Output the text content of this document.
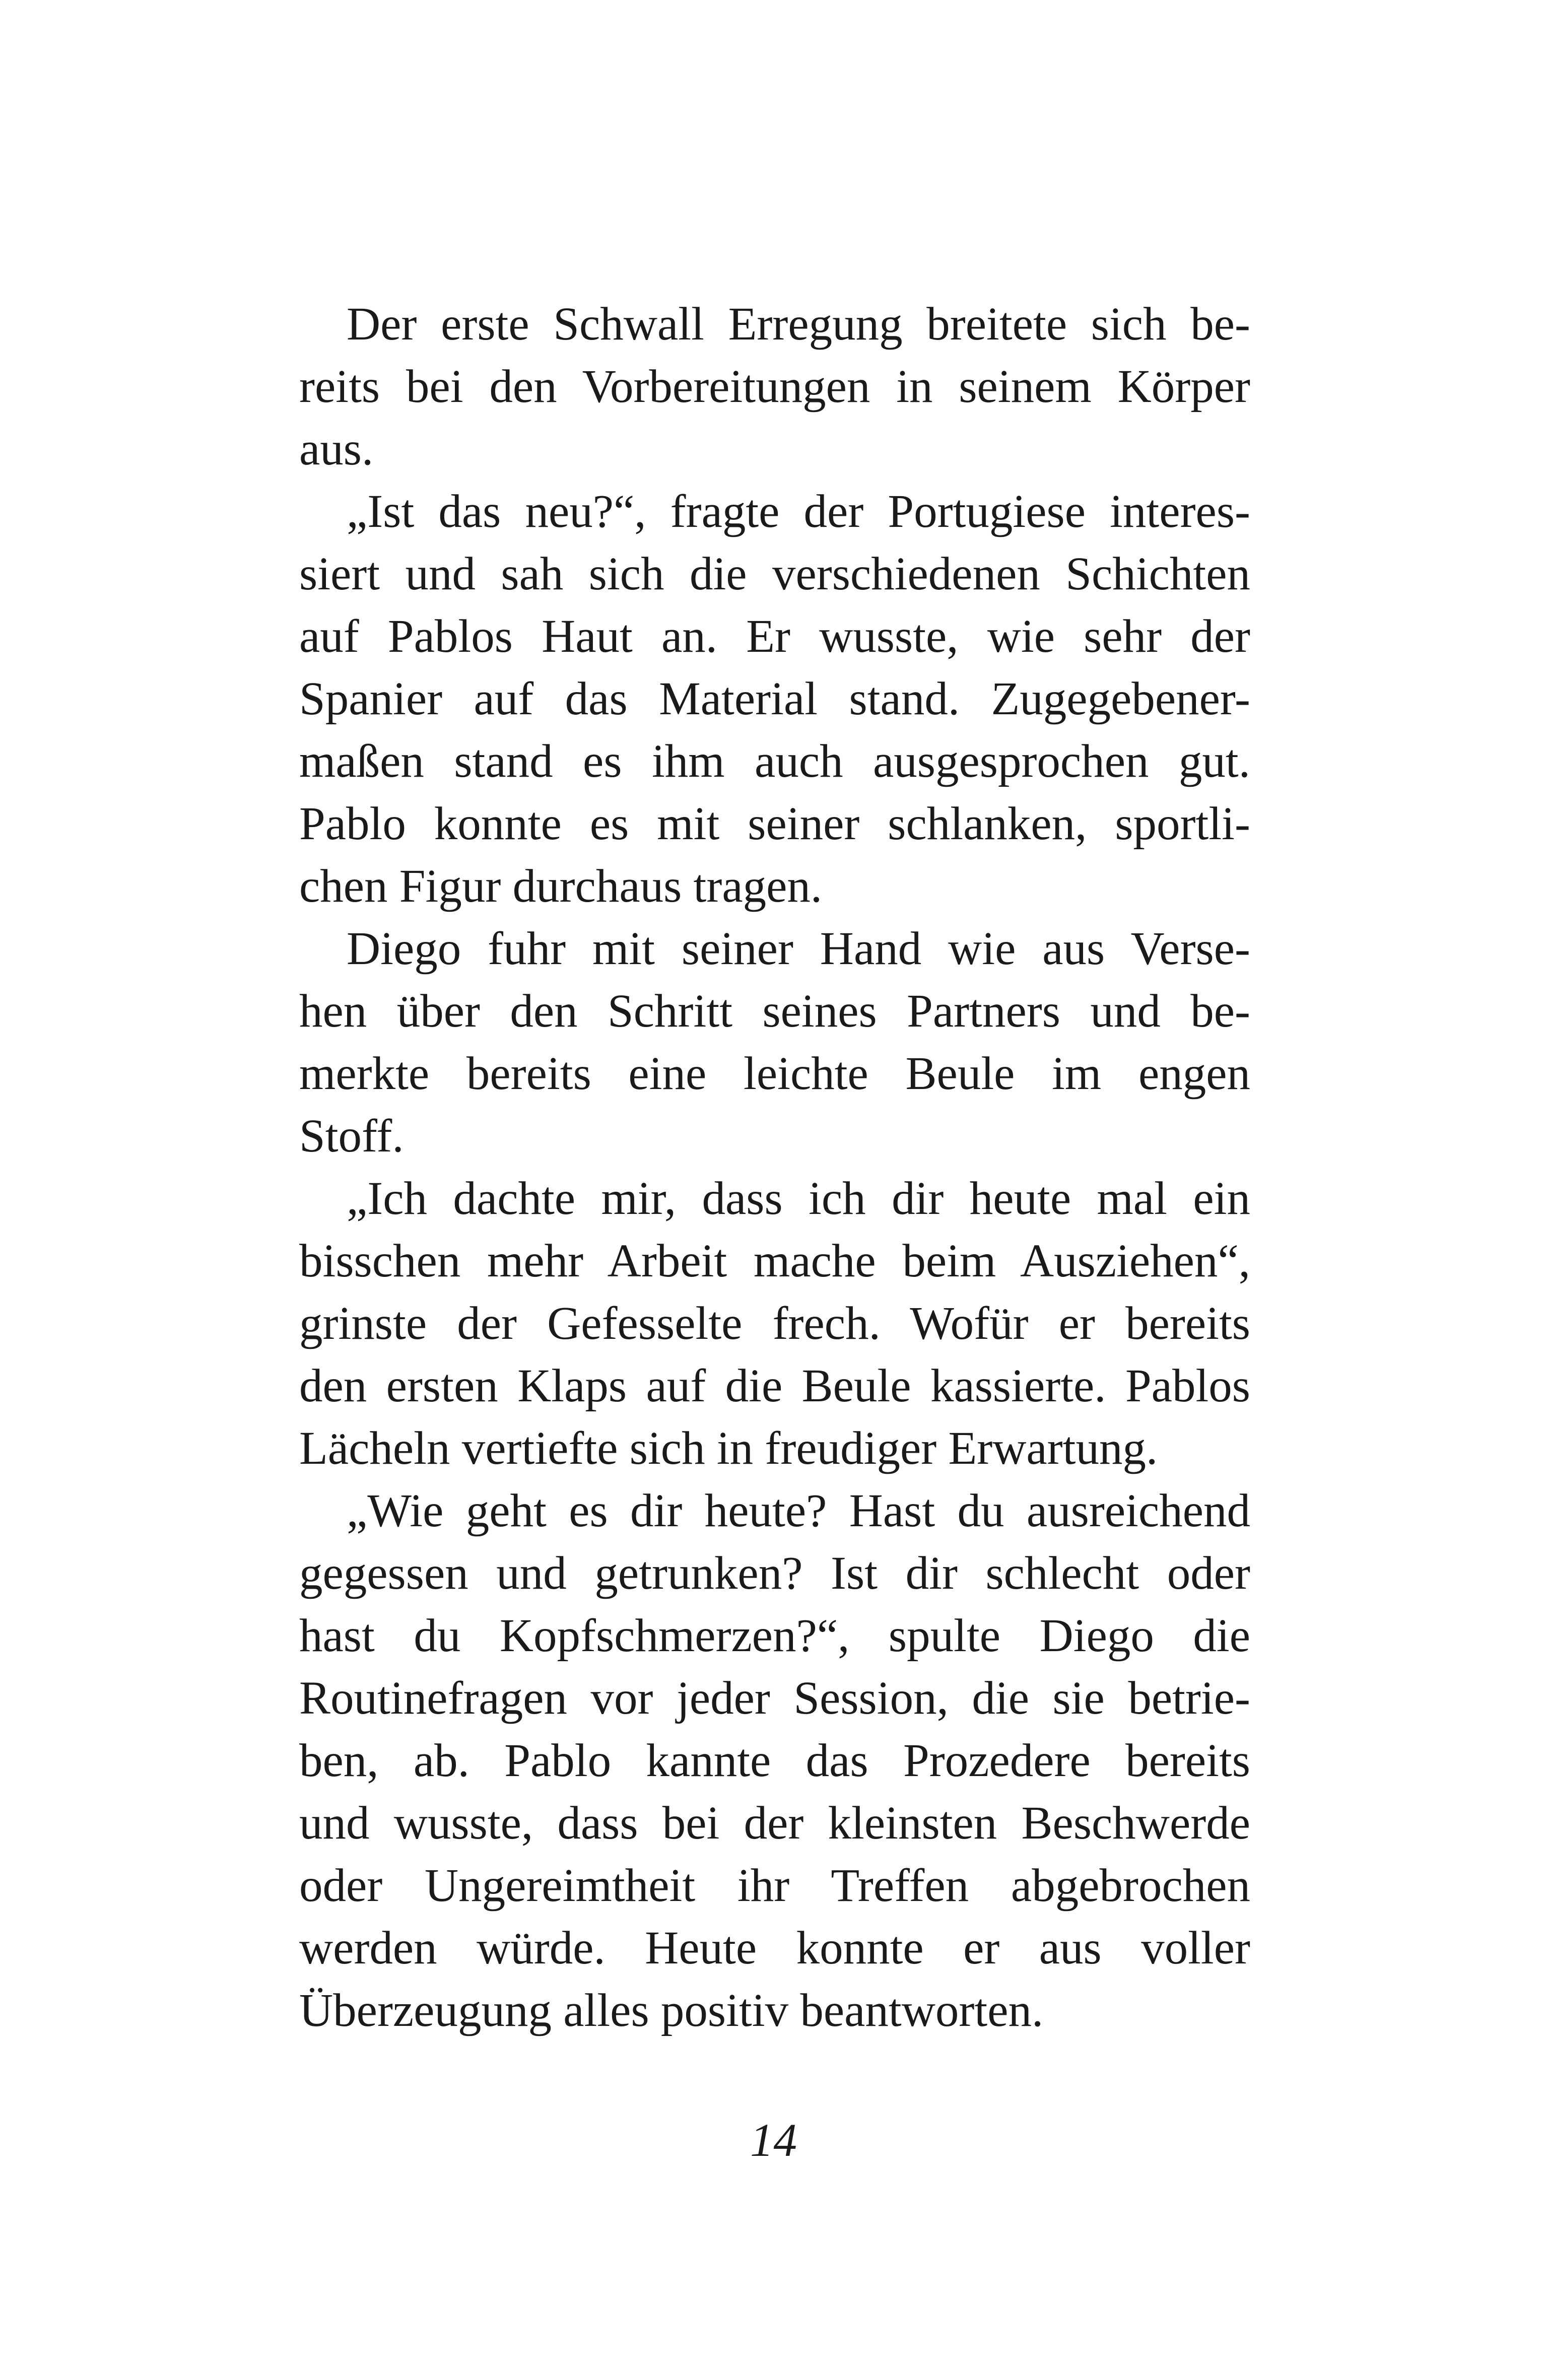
Der erste Schwall Erregung breitete sich be-
reits bei den Vorbereitungen in seinem Körper
aus.
„Ist das neu?“, fragte der Portugiese interes-
siert und sah sich die verschiedenen Schichten
auf Pablos Haut an. Er wusste, wie sehr der
Spanier auf das Material stand. Zugegebener-
maßen stand es ihm auch ausgesprochen gut.
Pablo konnte es mit seiner schlanken, sportli-
chen Figur durchaus tragen.
Diego fuhr mit seiner Hand wie aus Verse-
hen über den Schritt seines Partners und be-
merkte bereits eine leichte Beule im engen
Stoff.
„Ich dachte mir, dass ich dir heute mal ein
bisschen mehr Arbeit mache beim Ausziehen“,
grinste der Gefesselte frech. Wofür er bereits
den ersten Klaps auf die Beule kassierte. Pablos
Lächeln vertiefte sich in freudiger Erwartung.
„Wie geht es dir heute? Hast du ausreichend
gegessen und getrunken? Ist dir schlecht oder
hast du Kopfschmerzen?“, spulte Diego die
Routinefragen vor jeder Session, die sie betrie-
ben, ab. Pablo kannte das Prozedere bereits
und wusste, dass bei der kleinsten Beschwerde
oder Ungereimtheit ihr Treffen abgebrochen
werden würde. Heute konnte er aus voller
Überzeugung alles positiv beantworten.
14
